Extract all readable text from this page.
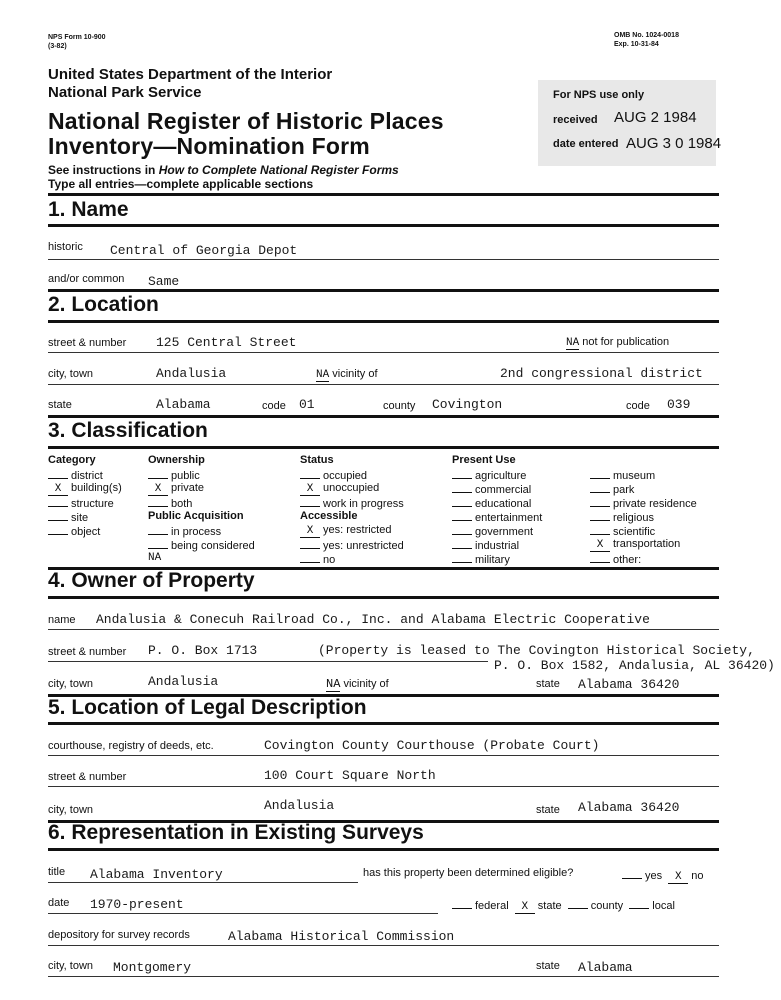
NPS Form 10-900
(3-82)
OMB No. 1024-0018
Exp. 10-31-84
United States Department of the Interior
National Park Service
National Register of Historic Places
Inventory—Nomination Form
See instructions in How to Complete National Register Forms
Type all entries—complete applicable sections
For NPS use only
received AUG 2 1984
date entered AUG 3 0 1984
1. Name
historic Central of Georgia Depot
and/or common Same
2. Location
street & number 125 Central Street	NA not for publication
city, town	Andalusia	NA vicinity of	2nd congressional district
state	Alabama	code 01	county Covington	code 039
3. Classification
Category
district
X building(s)
structure
site
object
Ownership
public
X private
both
Public Acquisition
in process
being considered
NA
Status
occupied
X unoccupied
work in progress
Accessible
X yes: restricted
yes: unrestricted
no
Present Use
agriculture
commercial
educational
entertainment
government
industrial
military
museum
park
private residence
religious
scientific
X transportation
other:
4. Owner of Property
name Andalusia & Conecuh Railroad Co., Inc. and Alabama Electric Cooperative
street & number P. O. Box 1713	(Property is leased to The Covington Historical Society,
P. O. Box 1582, Andalusia, AL 36420)
city, town	Andalusia	NA vicinity of	state Alabama 36420
5. Location of Legal Description
courthouse, registry of deeds, etc.	Covington County Courthouse (Probate Court)
street & number	100 Court Square North
city, town	Andalusia	state Alabama 36420
6. Representation in Existing Surveys
title Alabama Inventory	has this property been determined eligible?	yes X no
date 1970-present	federal X state	county	local
depository for survey records	Alabama Historical Commission
city, town Montgomery	state Alabama
